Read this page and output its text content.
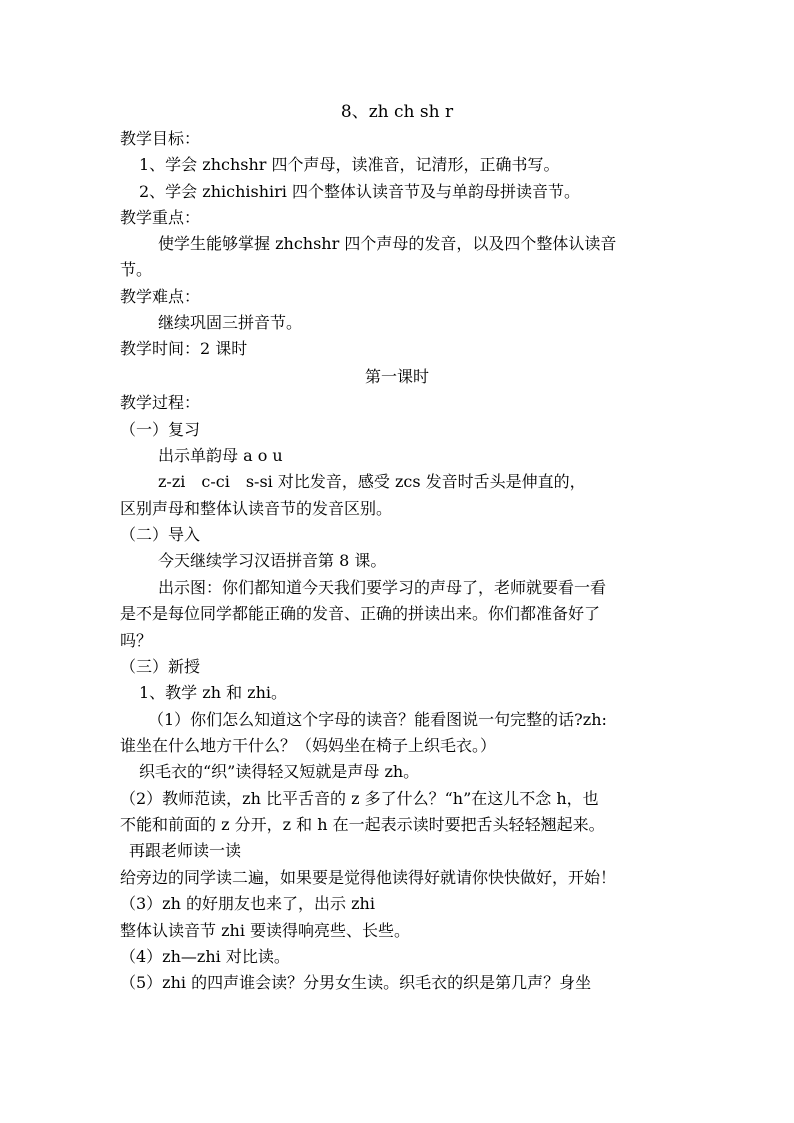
8、zh ch sh r
教学目标：
1、学会 zhchshr 四个声母，读准音，记清形，正确书写。
2、学会 zhichishiri 四个整体认读音节及与单韵母拼读音节。
教学重点：
使学生能够掌握 zhchshr 四个声母的发音，以及四个整体认读音
节。
教学难点：
继续巩固三拼音节。
教学时间：2 课时
第一课时
教学过程：
（一）复习
出示单韵母 a o u
z-zi　c-ci　s-si 对比发音，感受 zcs 发音时舌头是伸直的，
区别声母和整体认读音节的发音区别。
（二）导入
今天继续学习汉语拼音第 8 课。
出示图：你们都知道今天我们要学习的声母了，老师就要看一看
是不是每位同学都能正确的发音、正确的拼读出来。你们都准备好了
吗？
（三）新授
1、教学 zh 和 zhi。
（1）你们怎么知道这个字母的读音？能看图说一句完整的话?zh:
谁坐在什么地方干什么？（妈妈坐在椅子上织毛衣。）
织毛衣的“织”读得轻又短就是声母 zh。
（2）教师范读，zh 比平舌音的 z 多了什么？“h”在这儿不念 h，也
不能和前面的 z 分开，z 和 h 在一起表示读时要把舌头轻轻翘起来。
再跟老师读一读
给旁边的同学读二遍，如果要是觉得他读得好就请你快快做好，开始！
（3）zh 的好朋友也来了，出示 zhi
整体认读音节 zhi 要读得响亮些、长些。
（4）zh—zhi 对比读。
（5）zhi 的四声谁会读？分男女生读。织毛衣的织是第几声？身坐
